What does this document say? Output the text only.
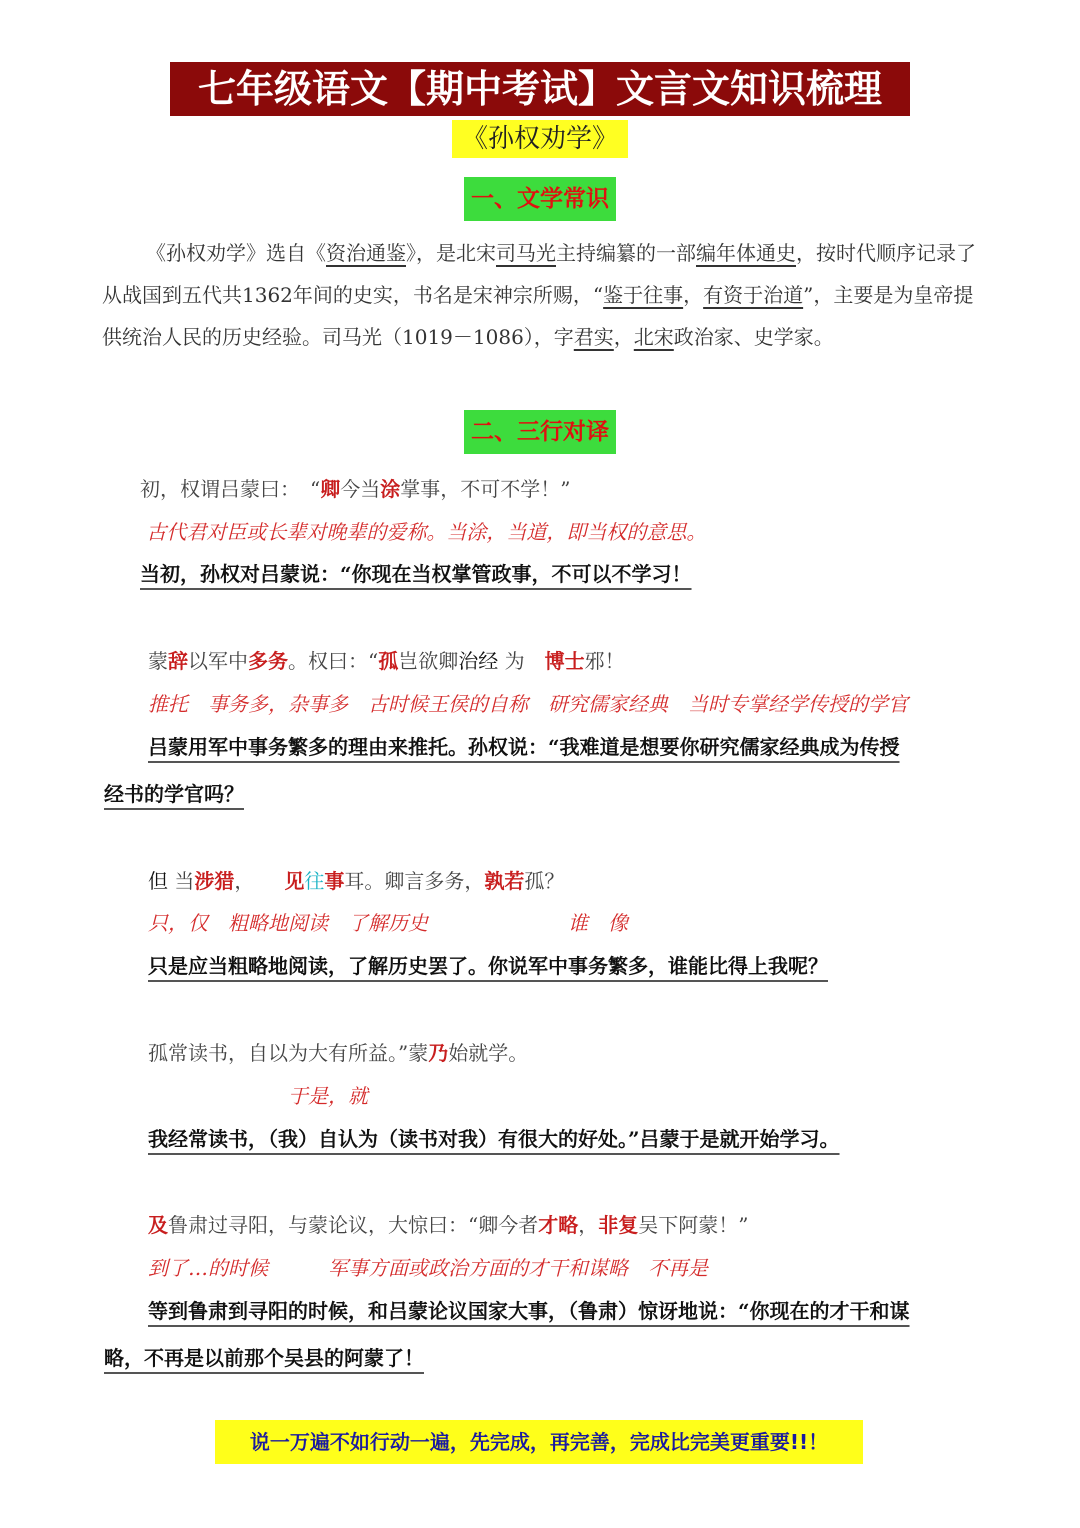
七年级语文【期中考试】文言文知识梳理
《孙权劝学》
一、文学常识
《孙权劝学》选自《资治通鉴》，是北宋司马光主持编纂的一部编年体通史，按时代顺序记录了从战国到五代共1362年间的史实，书名是宋神宗所赐，“鉴于往事，有资于治道”，主要是为皇帝提供统治人民的历史经验。司马光（1019－1086），字君实，北宋政治家、史学家。
二、三行对译
初，权谓吕蒙曰：　“卿今当涂掌事，不可不学！”
古代君对臣或长辈对晚辈的爱称。当涂，当道，即当权的意思。
当初，孙权对吕蒙说：“你现在当权掌管政事，不可以不学习！
蒙辞以军中多务。权曰：“孤岂欲卿治经 为　博士邪！
推托　事务多，杂事多　古时候王侯的自称　研究儒家经典　当时专掌经学传授的学官
吕蒙用军中事务繁多的理由来推托。孙权说：“我难道是想要你研究儒家经典成为传授
经书的学官吗？
但 当涉猎，　　见往事耳。卿言多务，孰若孤？
只，仅　粗略地阅读　了解历史　　　　　　　谁　像
只是应当粗略地阅读，了解历史罢了。你说军中事务繁多，谁能比得上我呢？
孤常读书，自以为大有所益。”蒙乃始就学。
　　　　　　　于是，就
我经常读书，（我）自认为（读书对我）有很大的好处。”吕蒙于是就开始学习。
及鲁肃过寻阳，与蒙论议，大惊曰：“卿今者才略，非复吴下阿蒙！”
到了…的时候　　　军事方面或政治方面的才干和谋略　不再是
等到鲁肃到寻阳的时候，和吕蒙论议国家大事，（鲁肃）惊讶地说：“你现在的才干和谋
略，不再是以前那个吴县的阿蒙了！
说一万遍不如行动一遍，先完成，再完善，完成比完美更重要!!！
